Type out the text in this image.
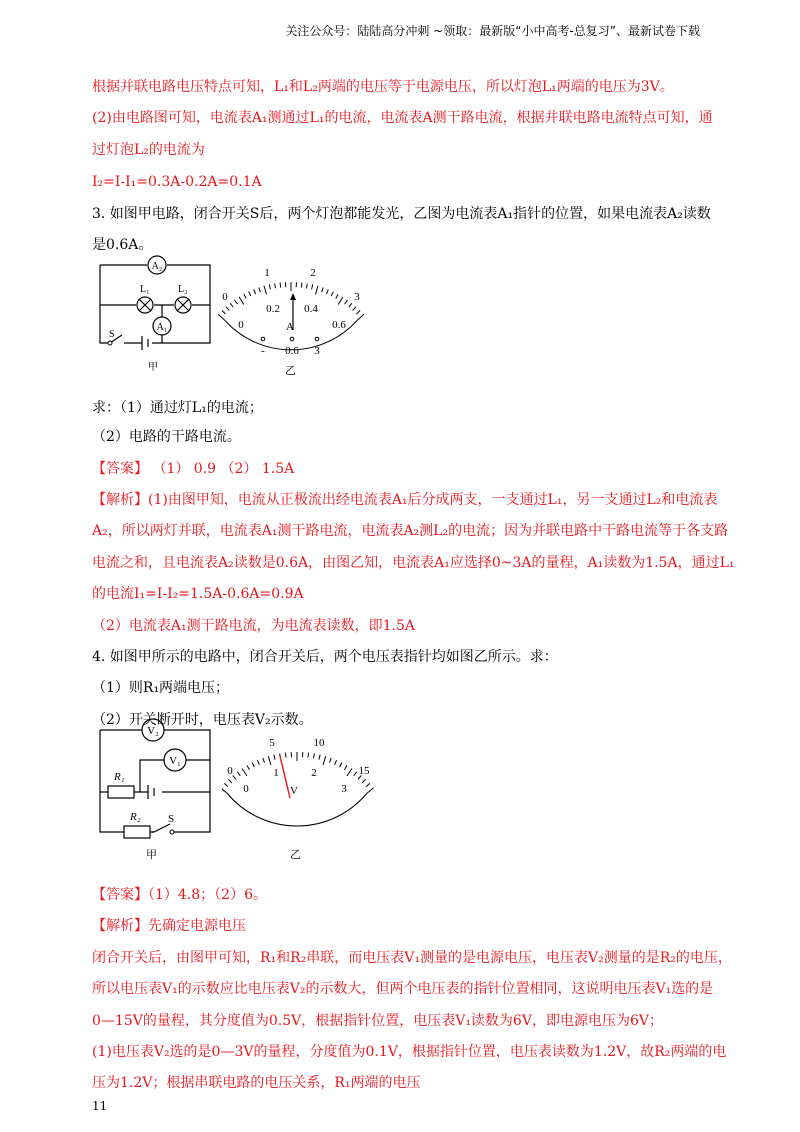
关注公众号：陆陆高分冲刺 ~领取：最新版“小中高考-总复习”、最新试卷下载
根据并联电路电压特点可知，L₁和L₂两端的电压等于电源电压，所以灯泡L₁两端的电压为3V。
(2)由电路图可知，电流表A₁测通过L₁的电流，电流表A测干路电流，根据并联电路电流特点可知，通
过灯泡L₂的电流为
I₂=I-I₁=0.3A-0.2A=0.1A
3. 如图甲电路，闭合开关S后，两个灯泡都能发光，乙图为电流表A₁指针的位置，如果电流表A₂读数
是0.6A。
求：（1）通过灯L₁的电流；
（2）电路的干路电流。
【答案】 （1） 0.9 （2） 1.5A
【解析】(1)由图甲知，电流从正极流出经电流表A₁后分成两支，一支通过L₁，另一支通过L₂和电流表
A₂，所以两灯并联，电流表A₁测干路电流，电流表A₂测L₂的电流；因为并联电路中干路电流等于各支路
电流之和，且电流表A₂读数是0.6A，由图乙知，电流表A₁应选择0~3A的量程，A₁读数为1.5A，通过L₁
的电流I₁=I-I₂=1.5A-0.6A=0.9A
（2）电流表A₁测干路电流，为电流表读数，即1.5A
4. 如图甲所示的电路中，闭合开关后，两个电压表指针均如图乙所示。求：
（1）则R₁两端电压；
（2）开关断开时，电压表V₂示数。
【答案】（1）4.8；（2）6。
【解析】先确定电源电压
闭合开关后，由图甲可知，R₁和R₂串联，而电压表V₁测量的是电源电压，电压表V₂测量的是R₂的电压，
所以电压表V₁的示数应比电压表V₂的示数大，但两个电压表的指针位置相同，这说明电压表V₁选的是
0—15V的量程，其分度值为0.5V，根据指针位置，电压表V₁读数为6V，即电源电压为6V；
(1)电压表V₂选的是0—3V的量程，分度值为0.1V，根据指针位置，电压表读数为1.2V，故R₂两端的电
压为1.2V；根据串联电路的电压关系，R₁两端的电压
A₂
L₁	L₂
A₁
S
甲
0
1	2
3
0
0.2 0.4
0.6
A
- 0.6 3
乙
V₂
V₁
R₁
R₂ S
甲
0
5	10
15
0
1	2
3
V
乙
11
